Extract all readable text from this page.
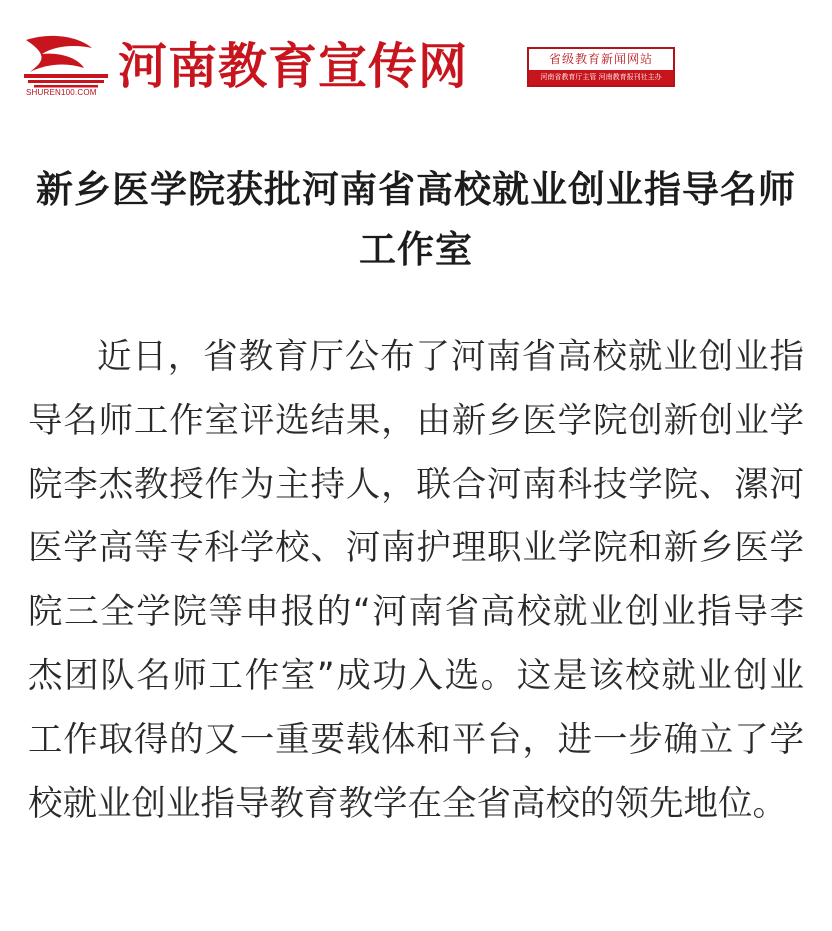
SHUREN100.COM 河南教育宣传网	省级教育新闻网站
河南省教育厅主管 河南教育报刊社主办
新乡医学院获批河南省高校就业创业指导名师工作室

近日，省教育厅公布了河南省高校就业创业指导名师工作室评选结果，由新乡医学院创新创业学院李杰教授作为主持人，联合河南科技学院、漯河医学高等专科学校、河南护理职业学院和新乡医学院三全学院等申报的“河南省高校就业创业指导李杰团队名师工作室”成功入选。这是该校就业创业工作取得的又一重要载体和平台，进一步确立了学校就业创业指导教育教学在全省高校的领先地位。
